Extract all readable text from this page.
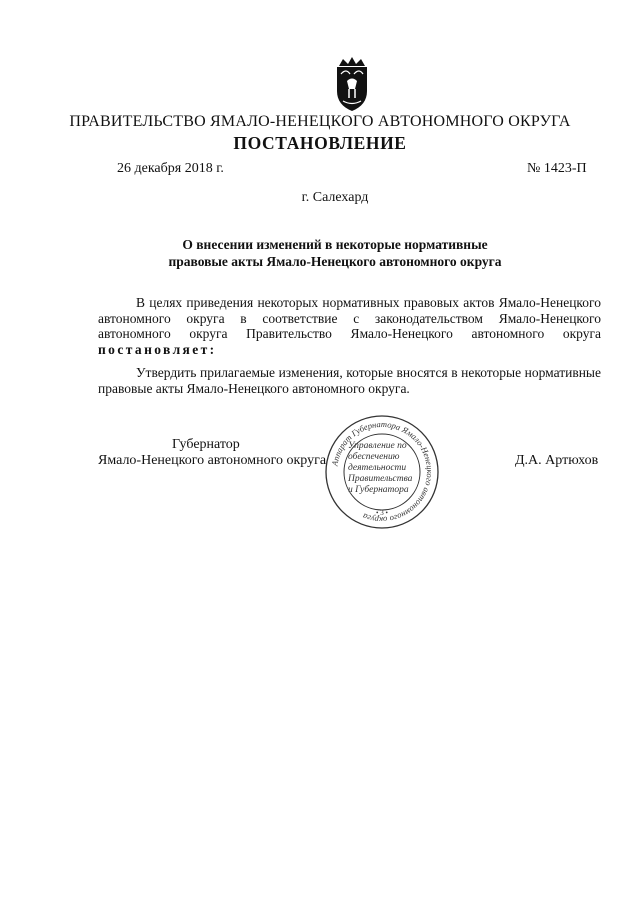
ПРАВИТЕЛЬСТВО ЯМАЛО-НЕНЕЦКОГО АВТОНОМНОГО ОКРУГА
ПОСТАНОВЛЕНИЕ
26 декабря 2018 г.	№ 1423-П
г. Салехард
О внесении изменений в некоторые нормативные
правовые акты Ямало-Ненецкого автономного округа
В целях приведения некоторых нормативных правовых актов Ямало-Ненецкого автономного округа в соответствие с законодательством Ямало-Ненецкого автономного округа Правительство Ямало-Ненецкого автономного округа постановляет:
Утвердить прилагаемые изменения, которые вносятся в некоторые нормативные правовые акты Ямало-Ненецкого автономного округа.
Аппарат Губернатора Ямало-Ненецкого автономного округа	• 3 •
Управление по
обеспечению
деятельности
Правительства
и Губернатора
Губернатор
Ямало-Ненецкого автономного округа	Д.А. Артюхов
